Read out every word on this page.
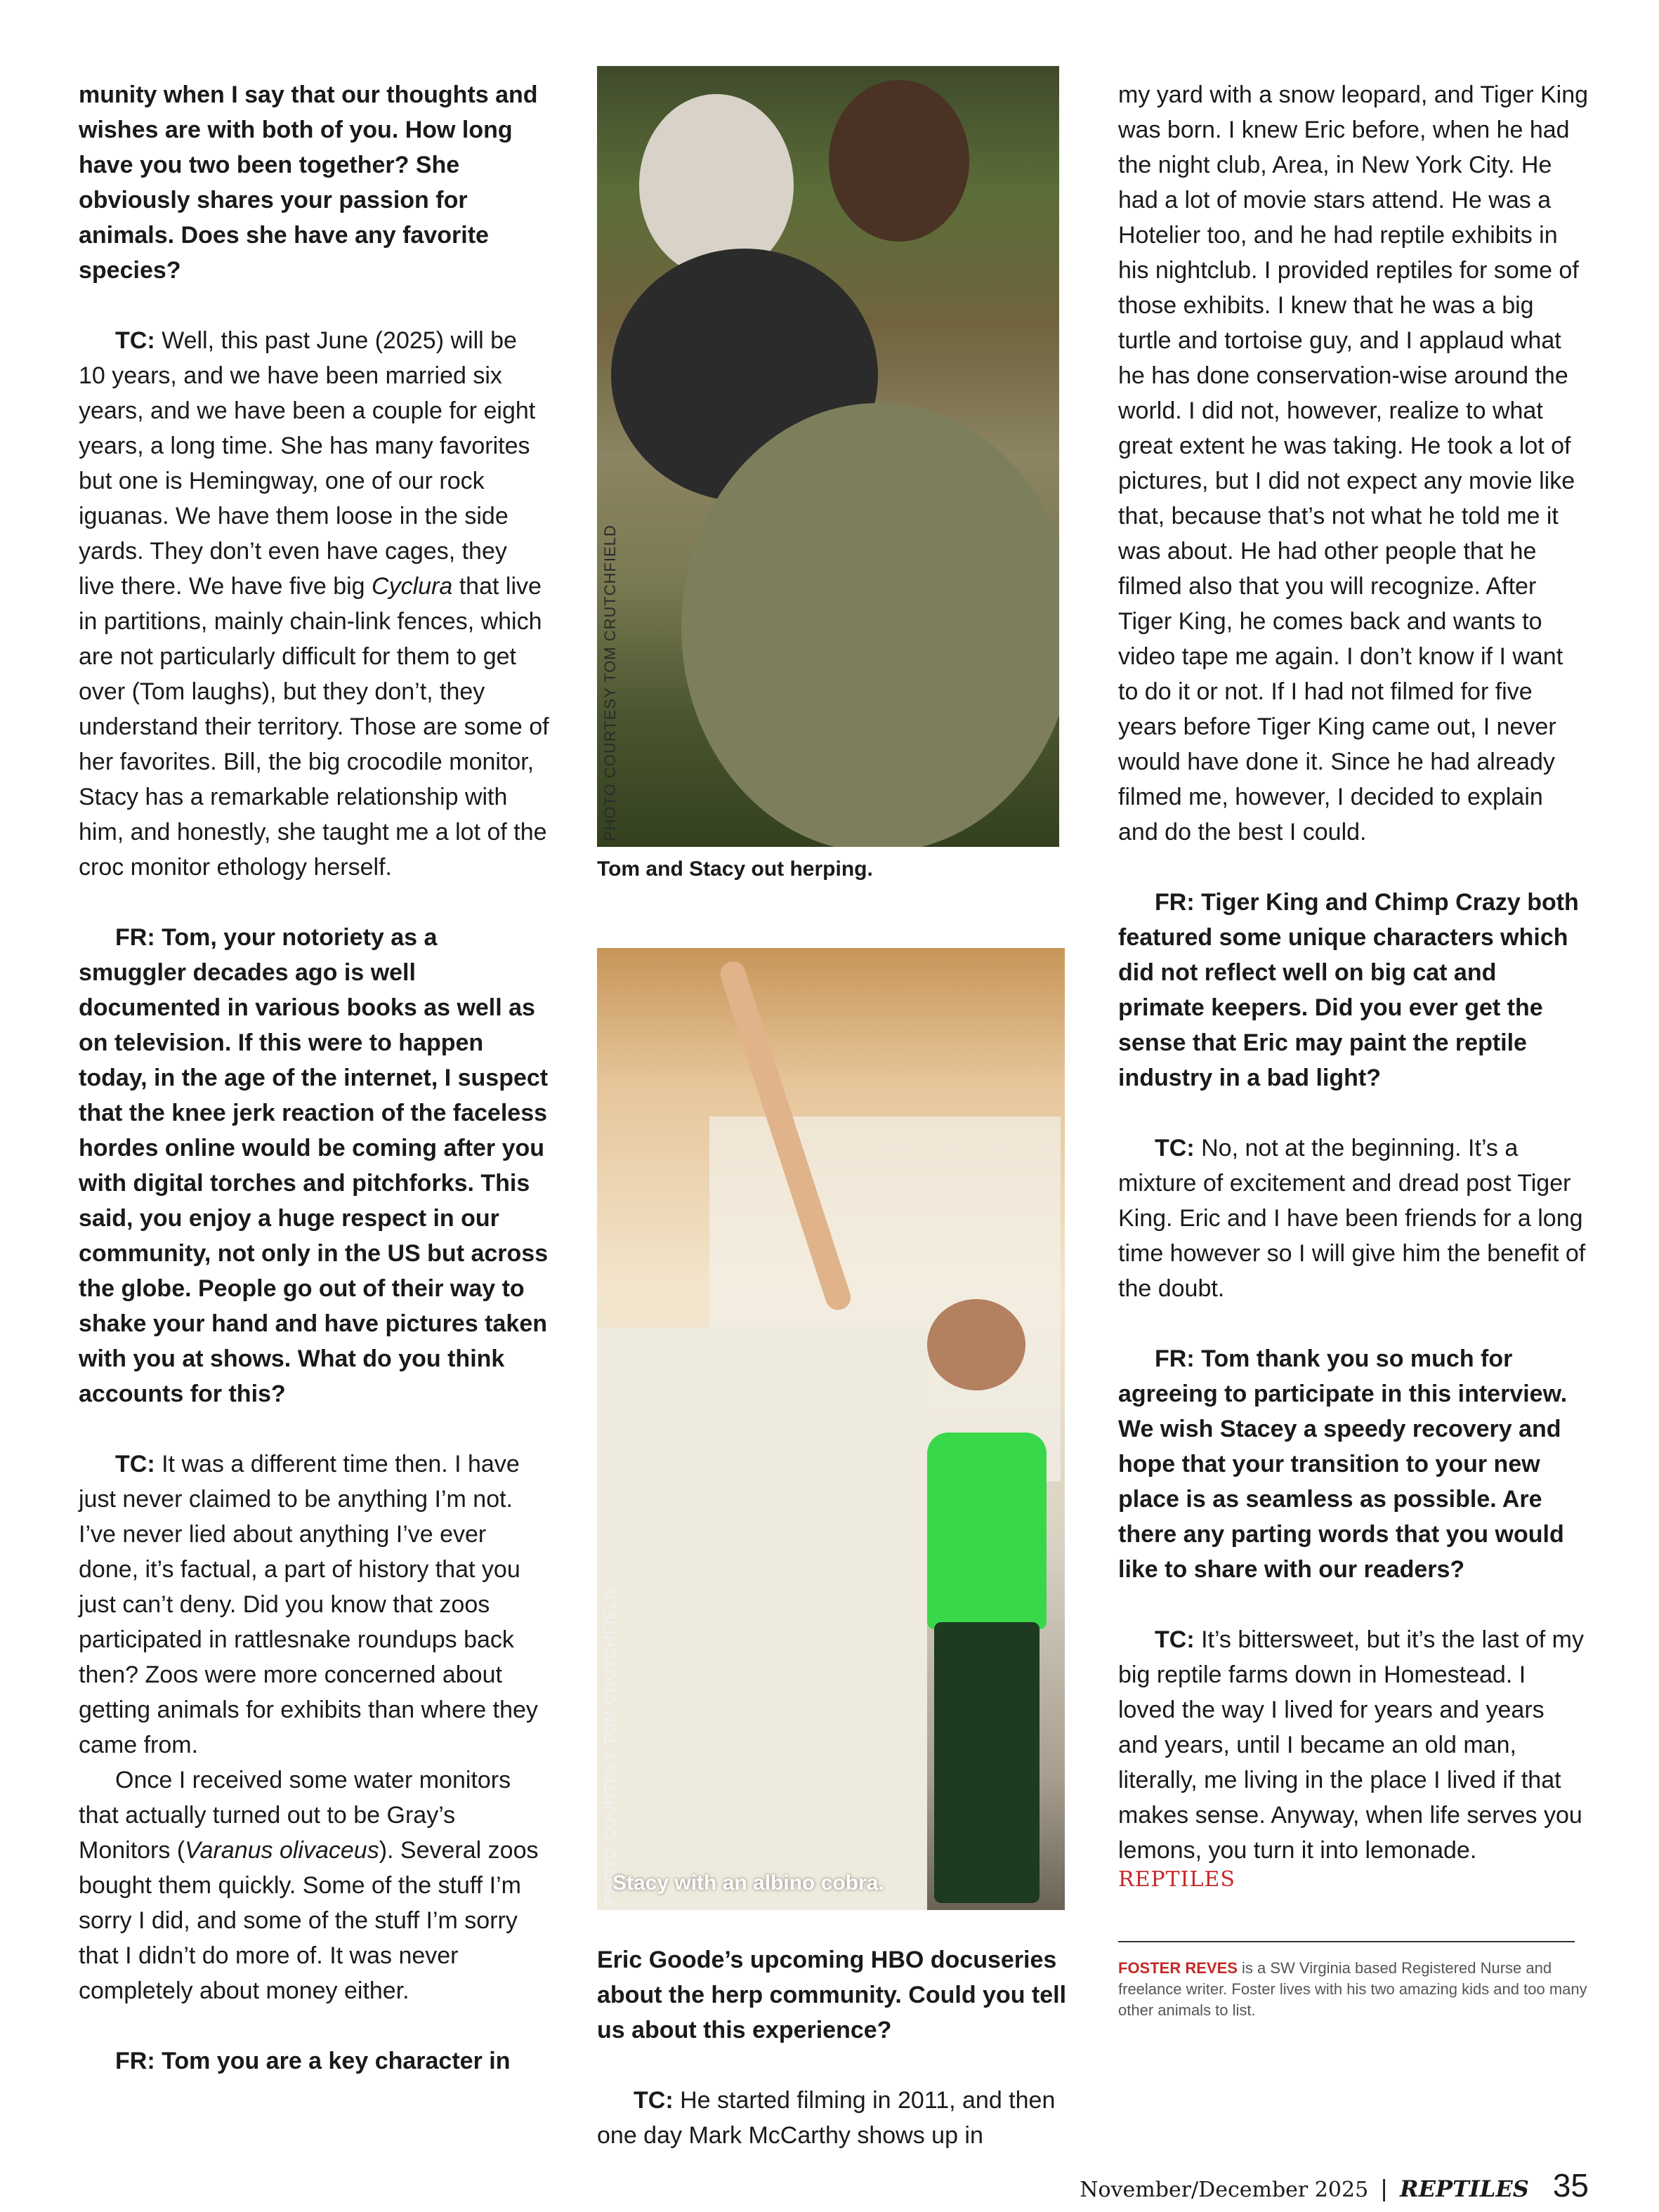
munity when I say that our thoughts and wishes are with both of you. How long have you two been together? She obviously shares your passion for animals. Does she have any favorite species?

TC: Well, this past June (2025) will be 10 years, and we have been married six years, and we have been a couple for eight years, a long time. She has many favorites but one is Hemingway, one of our rock iguanas. We have them loose in the side yards. They don’t even have cages, they live there. We have five big Cyclura that live in partitions, mainly chain-link fences, which are not particularly difficult for them to get over (Tom laughs), but they don’t, they understand their territory. Those are some of her favorites. Bill, the big crocodile monitor, Stacy has a remarkable relationship with him, and honestly, she taught me a lot of the croc monitor ethology herself.

FR: Tom, your notoriety as a smuggler decades ago is well documented in various books as well as on television. If this were to happen today, in the age of the internet, I suspect that the knee jerk reaction of the faceless hordes online would be coming after you with digital torches and pitchforks. This said, you enjoy a huge respect in our community, not only in the US but across the globe. People go out of their way to shake your hand and have pictures taken with you at shows. What do you think accounts for this?

TC: It was a different time then. I have just never claimed to be anything I’m not. I’ve never lied about anything I’ve ever done, it’s factual, a part of history that you just can’t deny. Did you know that zoos participated in rattlesnake roundups back then? Zoos were more concerned about getting animals for exhibits than where they came from.

Once I received some water monitors that actually turned out to be Gray’s Monitors (Varanus olivaceus). Several zoos bought them quickly. Some of the stuff I’m sorry I did, and some of the stuff I’m sorry that I didn’t do more of. It was never completely about money either.

FR: Tom you are a key character in

PHOTO COURTESY TOM CRUTCHFIELD

Tom and Stacy out herping.

PHOTO COURTESY TOM CRUTCHFIELD

Stacy with an albino cobra.

Eric Goode’s upcoming HBO docuseries about the herp community. Could you tell us about this experience?

TC: He started filming in 2011, and then one day Mark McCarthy shows up in

my yard with a snow leopard, and Tiger King was born. I knew Eric before, when he had the night club, Area, in New York City. He had a lot of movie stars attend. He was a Hotelier too, and he had reptile exhibits in his nightclub. I provided reptiles for some of those exhibits. I knew that he was a big turtle and tortoise guy, and I applaud what he has done conservation-wise around the world. I did not, however, realize to what great extent he was taking. He took a lot of pictures, but I did not expect any movie like that, because that’s not what he told me it was about. He had other people that he filmed also that you will recognize. After Tiger King, he comes back and wants to video tape me again. I don’t know if I want to do it or not. If I had not filmed for five years before Tiger King came out, I never would have done it. Since he had already filmed me, however, I decided to explain and do the best I could.

FR: Tiger King and Chimp Crazy both featured some unique characters which did not reflect well on big cat and primate keepers. Did you ever get the sense that Eric may paint the reptile industry in a bad light?

TC: No, not at the beginning. It’s a mixture of excitement and dread post Tiger King. Eric and I have been friends for a long time however so I will give him the benefit of the doubt.

FR: Tom thank you so much for agreeing to participate in this interview. We wish Stacey a speedy recovery and hope that your transition to your new place is as seamless as possible. Are there any parting words that you would like to share with our readers?

TC: It’s bittersweet, but it’s the last of my big reptile farms down in Homestead. I loved the way I lived for years and years and years, until I became an old man, literally, me living in the place I lived if that makes sense. Anyway, when life serves you lemons, you turn it into lemonade.

REPTILES

FOSTER REVES is a SW Virginia based Registered Nurse and freelance writer. Foster lives with his two amazing kids and too many other animals to list.

November/December 2025 | REPTILES 35
